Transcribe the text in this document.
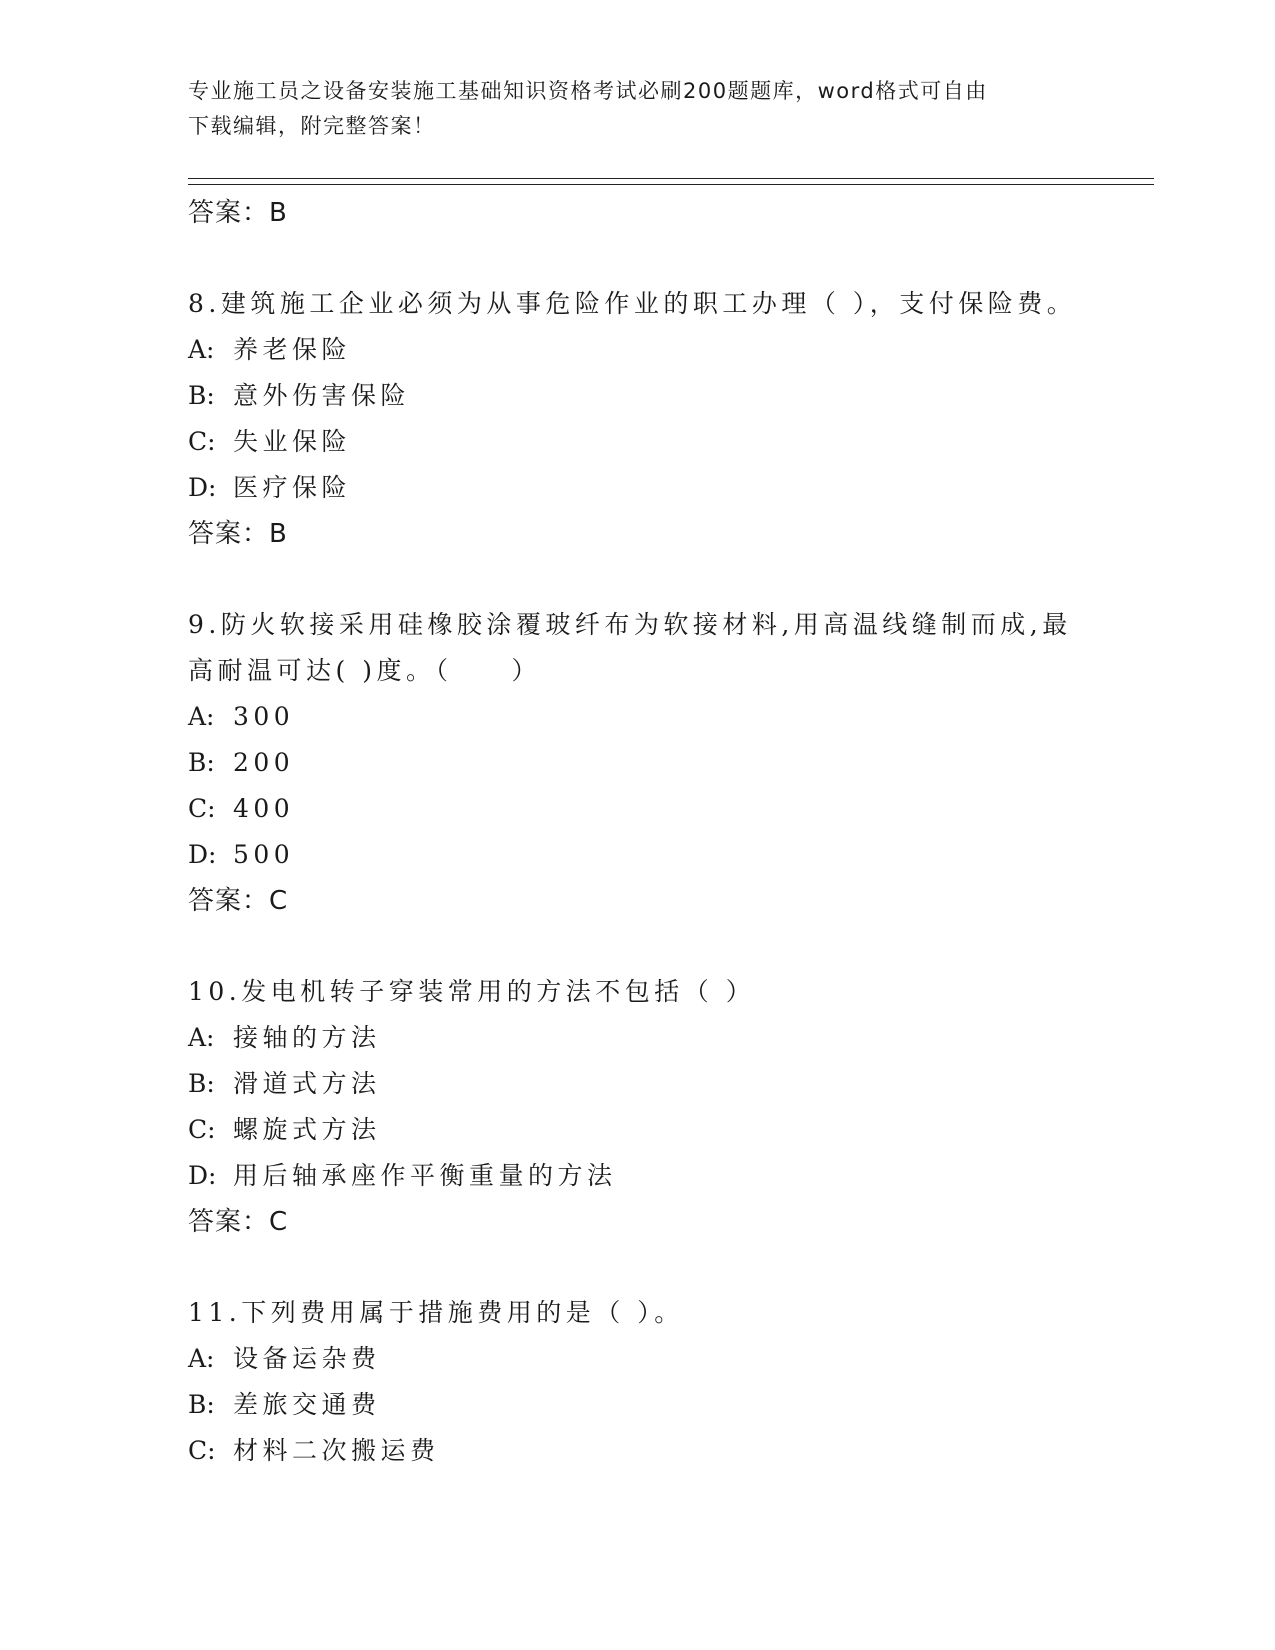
专业施工员之设备安装施工基础知识资格考试必刷200题题库，word格式可自由
下载编辑，附完整答案！
答案：B
8.建筑施工企业必须为从事危险作业的职工办理（ ），支付保险费。
A: 养老保险
B: 意外伤害保险
C: 失业保险
D: 医疗保险
答案：B
9.防火软接采用硅橡胶涂覆玻纤布为软接材料,用高温线缝制而成,最
高耐温可达( )度。（　　）
A: 300
B: 200
C: 400
D: 500
答案：C
10.发电机转子穿装常用的方法不包括（ ）
A: 接轴的方法
B: 滑道式方法
C: 螺旋式方法
D: 用后轴承座作平衡重量的方法
答案：C
11.下列费用属于措施费用的是（ ）。
A: 设备运杂费
B: 差旅交通费
C: 材料二次搬运费
